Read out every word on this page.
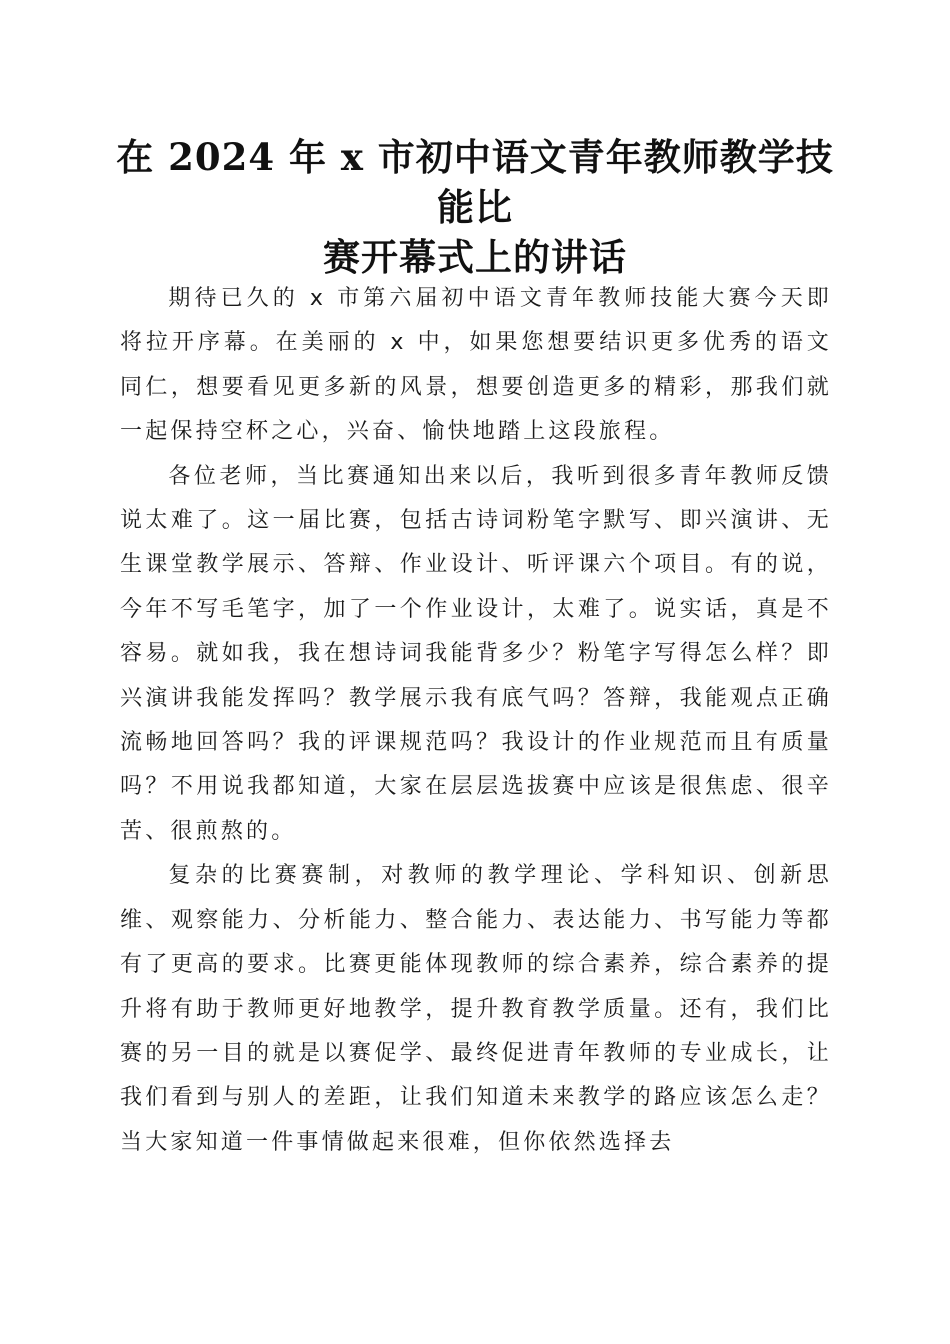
在 2024 年 x 市初中语文青年教师教学技能比
赛开幕式上的讲话

期待已久的 x 市第六届初中语文青年教师技能大赛今天即将拉开序幕。在美丽的 x 中，如果您想要结识更多优秀的语文同仁，想要看见更多新的风景，想要创造更多的精彩，那我们就一起保持空杯之心，兴奋、愉快地踏上这段旅程。

各位老师，当比赛通知出来以后，我听到很多青年教师反馈说太难了。这一届比赛，包括古诗词粉笔字默写、即兴演讲、无生课堂教学展示、答辩、作业设计、听评课六个项目。有的说，今年不写毛笔字，加了一个作业设计，太难了。说实话，真是不容易。就如我，我在想诗词我能背多少？粉笔字写得怎么样？即兴演讲我能发挥吗？教学展示我有底气吗？答辩，我能观点正确流畅地回答吗？我的评课规范吗？我设计的作业规范而且有质量吗？不用说我都知道，大家在层层选拔赛中应该是很焦虑、很辛苦、很煎熬的。

复杂的比赛赛制，对教师的教学理论、学科知识、创新思维、观察能力、分析能力、整合能力、表达能力、书写能力等都有了更高的要求。比赛更能体现教师的综合素养，综合素养的提升将有助于教师更好地教学，提升教育教学质量。还有，我们比赛的另一目的就是以赛促学、最终促进青年教师的专业成长，让我们看到与别人的差距，让我们知道未来教学的路应该怎么走？当大家知道一件事情做起来很难，但你依然选择去
